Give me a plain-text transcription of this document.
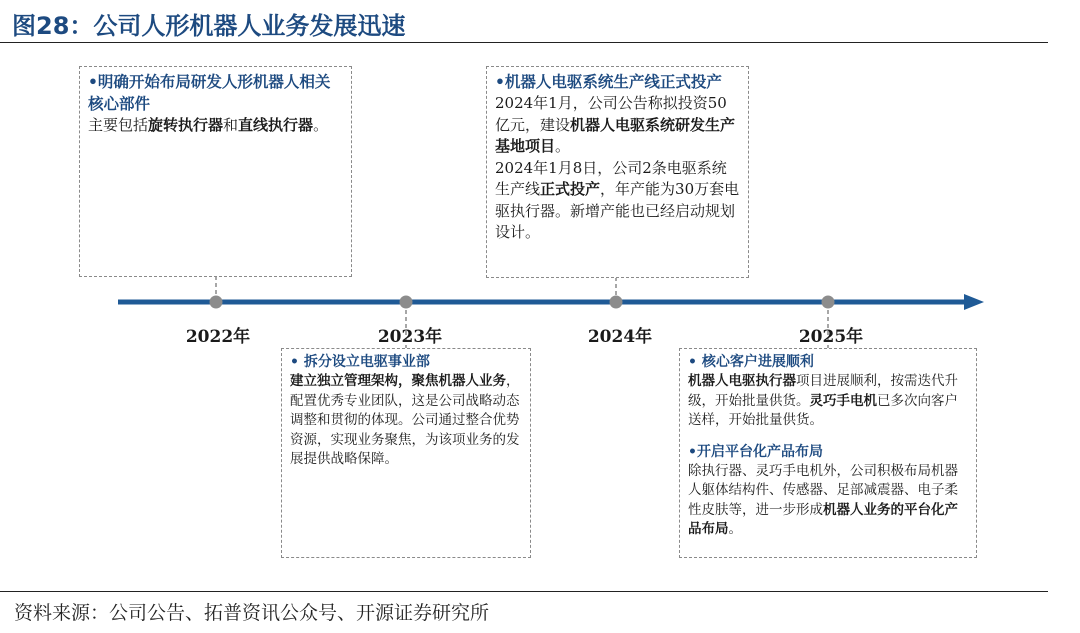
图28：公司人形机器人业务发展迅速
2022年	2023年	2024年	2025年
•明确开始布局研发人形机器人相关核心部件
主要包括旋转执行器和直线执行器。
•机器人电驱系统生产线正式投产
2024年1月，公司公告称拟投资50亿元，建设机器人电驱系统研发生产基地项目。
2024年1月8日，公司2条电驱系统生产线正式投产，年产能为30万套电驱执行器。新增产能也已经启动规划设计。
• 拆分设立电驱事业部
建立独立管理架构，聚焦机器人业务，配置优秀专业团队，这是公司战略动态调整和贯彻的体现。公司通过整合优势资源，实现业务聚焦，为该项业务的发展提供战略保障。
• 核心客户进展顺利
机器人电驱执行器项目进展顺利，按需迭代升级，开始批量供货。灵巧手电机已多次向客户送样，开始批量供货。
•开启平台化产品布局
除执行器、灵巧手电机外，公司积极布局机器人躯体结构件、传感器、足部减震器、电子柔性皮肤等，进一步形成机器人业务的平台化产品布局。
资料来源：公司公告、拓普资讯公众号、开源证券研究所
